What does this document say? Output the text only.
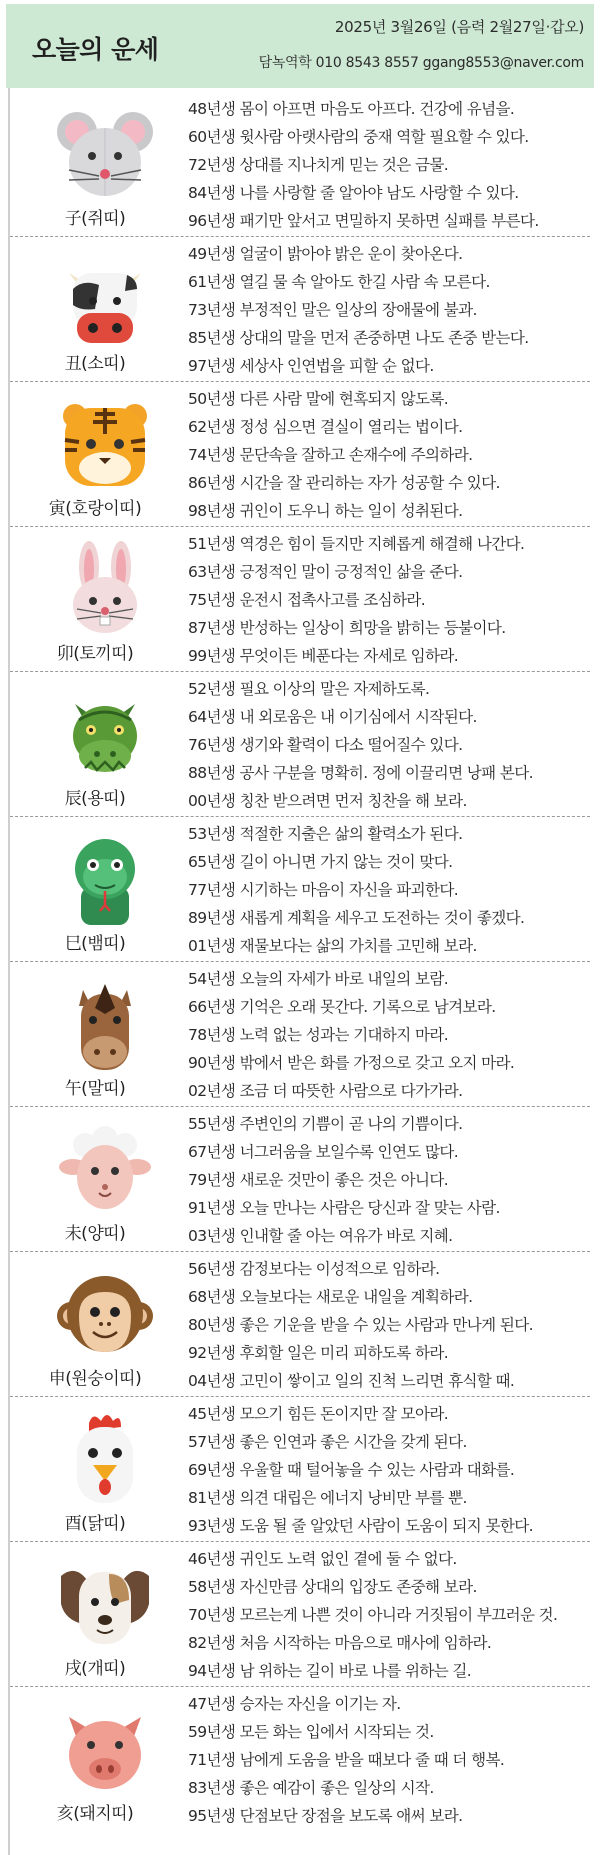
오늘의 운세
2025년 3월26일 (음력 2월27일·갑오)
담녹역학 010 8543 8557 ggang8553@naver.com
子(쥐띠)
48년생 몸이 아프면 마음도 아프다. 건강에 유념을.
60년생 윗사람 아랫사람의 중재 역할 필요할 수 있다.
72년생 상대를 지나치게 믿는 것은 금물.
84년생 나를 사랑할 줄 알아야 남도 사랑할 수 있다.
96년생 패기만 앞서고 면밀하지 못하면 실패를 부른다.
丑(소띠)
49년생 얼굴이 밝아야 밝은 운이 찾아온다.
61년생 열길 물 속 알아도 한길 사람 속 모른다.
73년생 부정적인 말은 일상의 장애물에 불과.
85년생 상대의 말을 먼저 존중하면 나도 존중 받는다.
97년생 세상사 인연법을 피할 순 없다.
寅(호랑이띠)
50년생 다른 사람 말에 현혹되지 않도록.
62년생 정성 심으면 결실이 열리는 법이다.
74년생 문단속을 잘하고 손재수에 주의하라.
86년생 시간을 잘 관리하는 자가 성공할 수 있다.
98년생 귀인이 도우니 하는 일이 성취된다.
卯(토끼띠)
51년생 역경은 힘이 들지만 지혜롭게 해결해 나간다.
63년생 긍정적인 말이 긍정적인 삶을 준다.
75년생 운전시 접촉사고를 조심하라.
87년생 반성하는 일상이 희망을 밝히는 등불이다.
99년생 무엇이든 베푼다는 자세로 임하라.
辰(용띠)
52년생 필요 이상의 말은 자제하도록.
64년생 내 외로움은 내 이기심에서 시작된다.
76년생 생기와 활력이 다소 떨어질수 있다.
88년생 공사 구분을 명확히. 정에 이끌리면 낭패 본다.
00년생 칭찬 받으려면 먼저 칭찬을 해 보라.
巳(뱀띠)
53년생 적절한 지출은 삶의 활력소가 된다.
65년생 길이 아니면 가지 않는 것이 맞다.
77년생 시기하는 마음이 자신을 파괴한다.
89년생 새롭게 계획을 세우고 도전하는 것이 좋겠다.
01년생 재물보다는 삶의 가치를 고민해 보라.
午(말띠)
54년생 오늘의 자세가 바로 내일의 보람.
66년생 기억은 오래 못간다. 기록으로 남겨보라.
78년생 노력 없는 성과는 기대하지 마라.
90년생 밖에서 받은 화를 가정으로 갖고 오지 마라.
02년생 조금 더 따뜻한 사람으로 다가가라.
未(양띠)
55년생 주변인의 기쁨이 곧 나의 기쁨이다.
67년생 너그러움을 보일수록 인연도 많다.
79년생 새로운 것만이 좋은 것은 아니다.
91년생 오늘 만나는 사람은 당신과 잘 맞는 사람.
03년생 인내할 줄 아는 여유가 바로 지혜.
申(원숭이띠)
56년생 감정보다는 이성적으로 임하라.
68년생 오늘보다는 새로운 내일을 계획하라.
80년생 좋은 기운을 받을 수 있는 사람과 만나게 된다.
92년생 후회할 일은 미리 피하도록 하라.
04년생 고민이 쌓이고 일의 진척 느리면 휴식할 때.
酉(닭띠)
45년생 모으기 힘든 돈이지만 잘 모아라.
57년생 좋은 인연과 좋은 시간을 갖게 된다.
69년생 우울할 때 털어놓을 수 있는 사람과 대화를.
81년생 의견 대립은 에너지 낭비만 부를 뿐.
93년생 도움 될 줄 알았던 사람이 도움이 되지 못한다.
戌(개띠)
46년생 귀인도 노력 없인 곁에 둘 수 없다.
58년생 자신만큼 상대의 입장도 존중해 보라.
70년생 모르는게 나쁜 것이 아니라 거짓됨이 부끄러운 것.
82년생 처음 시작하는 마음으로 매사에 임하라.
94년생 남 위하는 길이 바로 나를 위하는 길.
亥(돼지띠)
47년생 승자는 자신을 이기는 자.
59년생 모든 화는 입에서 시작되는 것.
71년생 남에게 도움을 받을 때보다 줄 때 더 행복.
83년생 좋은 예감이 좋은 일상의 시작.
95년생 단점보단 장점을 보도록 애써 보라.
